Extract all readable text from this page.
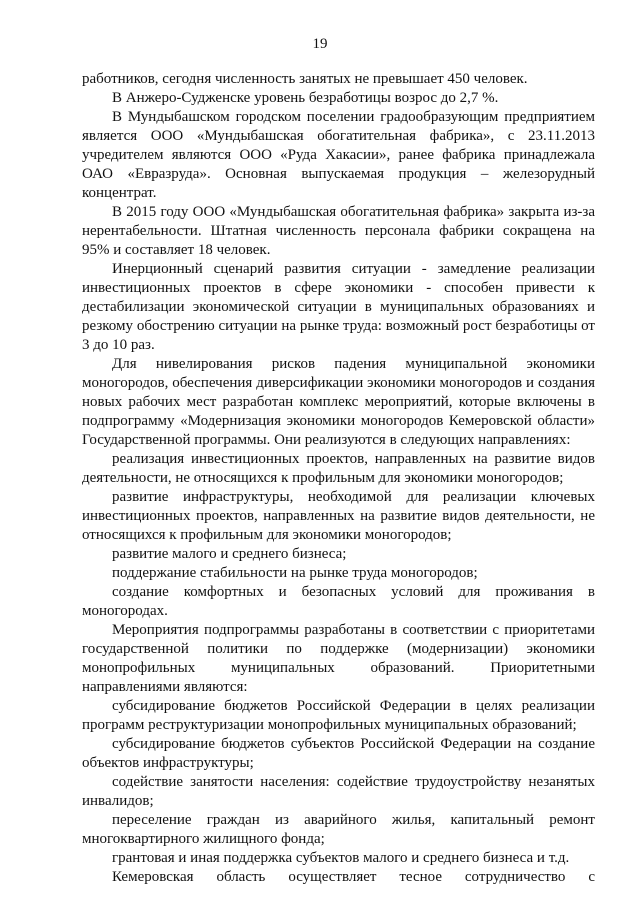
19

работников, сегодня численность занятых не превышает 450 человек.

В Анжеро-Судженске уровень безработицы возрос до 2,7 %.

В Мундыбашском городском поселении градообразующим предприятием является ООО «Мундыбашская обогатительная фабрика», с 23.11.2013 учредителем являются ООО «Руда Хакасии», ранее фабрика принадлежала ОАО «Евразруда». Основная выпускаемая продукция – железорудный концентрат.

В 2015 году ООО «Мундыбашская обогатительная фабрика» закрыта из-за нерентабельности. Штатная численность персонала фабрики сокращена на 95% и составляет 18 человек.

Инерционный сценарий развития ситуации - замедление реализации инвестиционных проектов в сфере экономики - способен привести к дестабилизации экономической ситуации в муниципальных образованиях и резкому обострению ситуации на рынке труда: возможный рост безработицы от 3 до 10 раз.

Для нивелирования рисков падения муниципальной экономики моногородов, обеспечения диверсификации экономики моногородов и создания новых рабочих мест разработан комплекс мероприятий, которые включены в подпрограмму «Модернизация экономики моногородов Кемеровской области» Государственной программы. Они реализуются в следующих направлениях:

реализация инвестиционных проектов, направленных на развитие видов деятельности, не относящихся к профильным для экономики моногородов;

развитие инфраструктуры, необходимой для реализации ключевых инвестиционных проектов, направленных на развитие видов деятельности, не относящихся к профильным для экономики моногородов;

развитие малого и среднего бизнеса;

поддержание стабильности на рынке труда моногородов;

создание комфортных и безопасных условий для проживания в моногородах.

Мероприятия подпрограммы разработаны в соответствии с приоритетами государственной политики по поддержке (модернизации) экономики монопрофильных муниципальных образований. Приоритетными направлениями являются:

субсидирование бюджетов Российской Федерации в целях реализации программ реструктуризации монопрофильных муниципальных образований;

субсидирование бюджетов субъектов Российской Федерации на создание объектов инфраструктуры;

содействие занятости населения: содействие трудоустройству незанятых инвалидов;

переселение граждан из аварийного жилья, капитальный ремонт многоквартирного жилищного фонда;

грантовая и иная поддержка субъектов малого и среднего бизнеса и т.д.

Кемеровская область осуществляет тесное сотрудничество с
